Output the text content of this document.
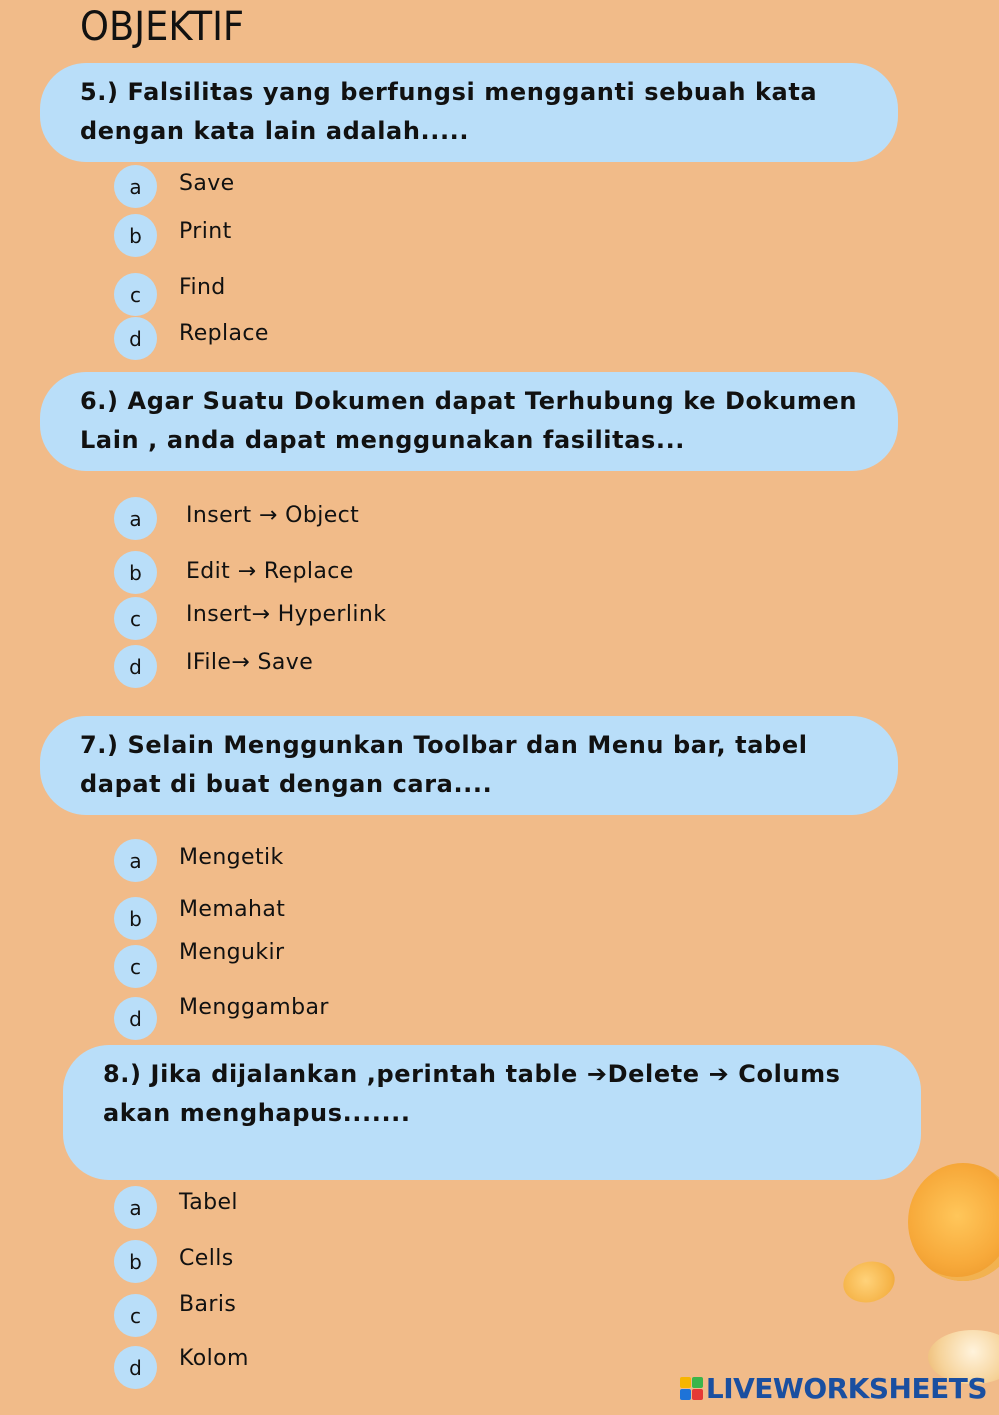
OBJEKTIF
5.) Falsilitas yang berfungsi mengganti sebuah kata dengan kata lain adalah.....
a	Save
b	Print
c	Find
d	Replace
6.) Agar Suatu Dokumen dapat Terhubung ke Dokumen Lain , anda dapat menggunakan fasilitas...
a	Insert → Object
b	Edit → Replace
c	Insert→ Hyperlink
d	IFile→ Save
7.) Selain Menggunkan Toolbar dan Menu bar, tabel dapat di buat dengan cara....
a	Mengetik
b	Memahat
c
Mengukir
d	Menggambar
8.) Jika dijalankan ,perintah table ➔Delete ➔ Colums akan menghapus.......
a	Tabel
b	Cells
c	Baris
d	Kolom
LIVEWORKSHEETS
